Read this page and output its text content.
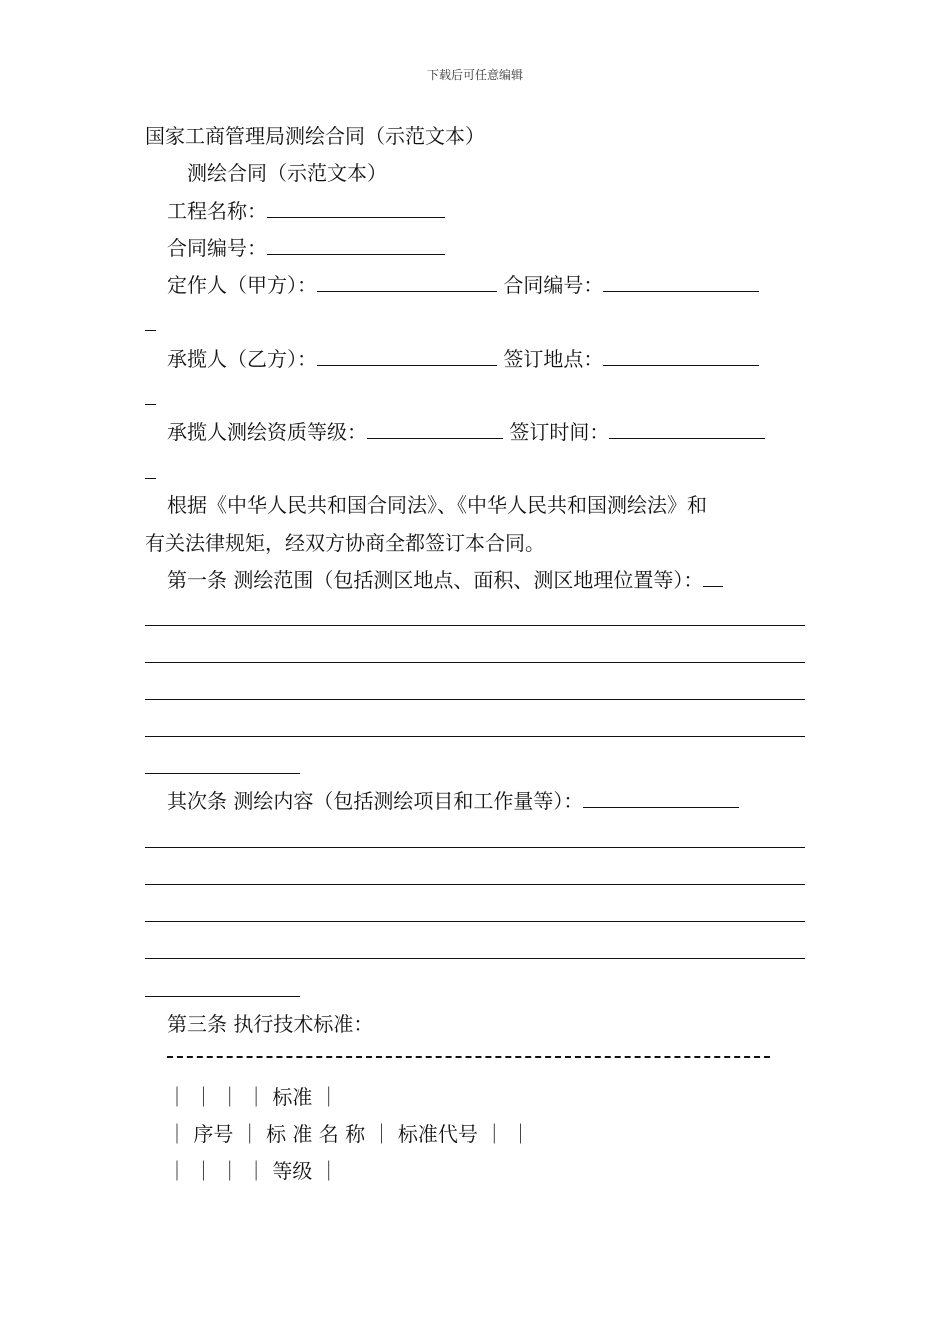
下载后可任意编辑
国家工商管理局测绘合同（示范文本）
测绘合同（示范文本）
工程名称：
合同编号：
定作人（甲方）：	合同编号：
承揽人（乙方）：	签订地点：
承揽人测绘资质等级：	签订时间：
根据《中华人民共和国合同法》、《中华人民共和国测绘法》和
有关法律规矩，经双方协商全都签订本合同。
第一条 测绘范围（包括测区地点、面积、测区地理位置等）：
其次条 测绘内容（包括测绘项目和工作量等）：
第三条 执行技术标准：
｜ ｜ ｜ ｜ 标准 ｜
｜ 序号 ｜ 标 准 名 称 ｜ 标准代号 ｜ ｜
｜ ｜ ｜ ｜ 等级 ｜
